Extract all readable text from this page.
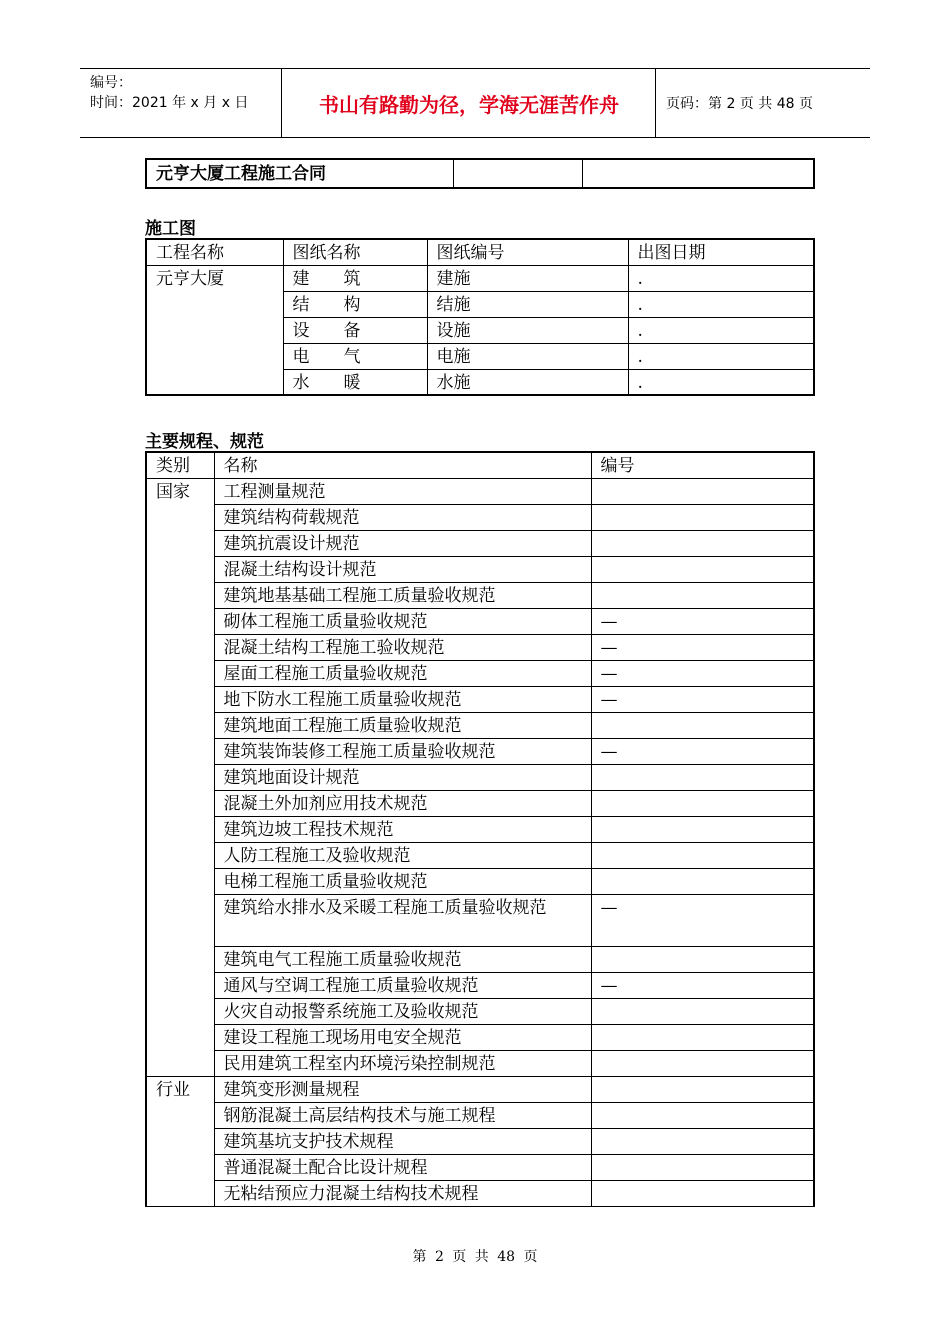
编号：
时间：2021 年 x 月 x 日	书山有路勤为径，学海无涯苦作舟	页码：第 2 页 共 48 页
元亨大厦工程施工合同		
施工图
工程名称	图纸名称	图纸编号	出图日期
元亨大厦	建　　筑	建施	.
	结　　构	结施	.
	设　　备	设施	.
	电　　气	电施	.
	水　　暖	水施	.
主要规程、规范
类别	名称	编号
国家	工程测量规范	
	建筑结构荷载规范	
	建筑抗震设计规范	
	混凝土结构设计规范	
	建筑地基基础工程施工质量验收规范	
	砌体工程施工质量验收规范	—
	混凝土结构工程施工验收规范	—
	屋面工程施工质量验收规范	—
	地下防水工程施工质量验收规范	—
	建筑地面工程施工质量验收规范	
	建筑装饰装修工程施工质量验收规范	—
	建筑地面设计规范	
	混凝土外加剂应用技术规范	
	建筑边坡工程技术规范	
	人防工程施工及验收规范	
	电梯工程施工质量验收规范	
	建筑给水排水及采暖工程施工质量验收规范	—
	建筑电气工程施工质量验收规范	
	通风与空调工程施工质量验收规范	—
	火灾自动报警系统施工及验收规范	
	建设工程施工现场用电安全规范	
	民用建筑工程室内环境污染控制规范	
行业	建筑变形测量规程	
	钢筋混凝土高层结构技术与施工规程	
	建筑基坑支护技术规程	
	普通混凝土配合比设计规程	
	无粘结预应力混凝土结构技术规程	
第 2 页 共 48 页
